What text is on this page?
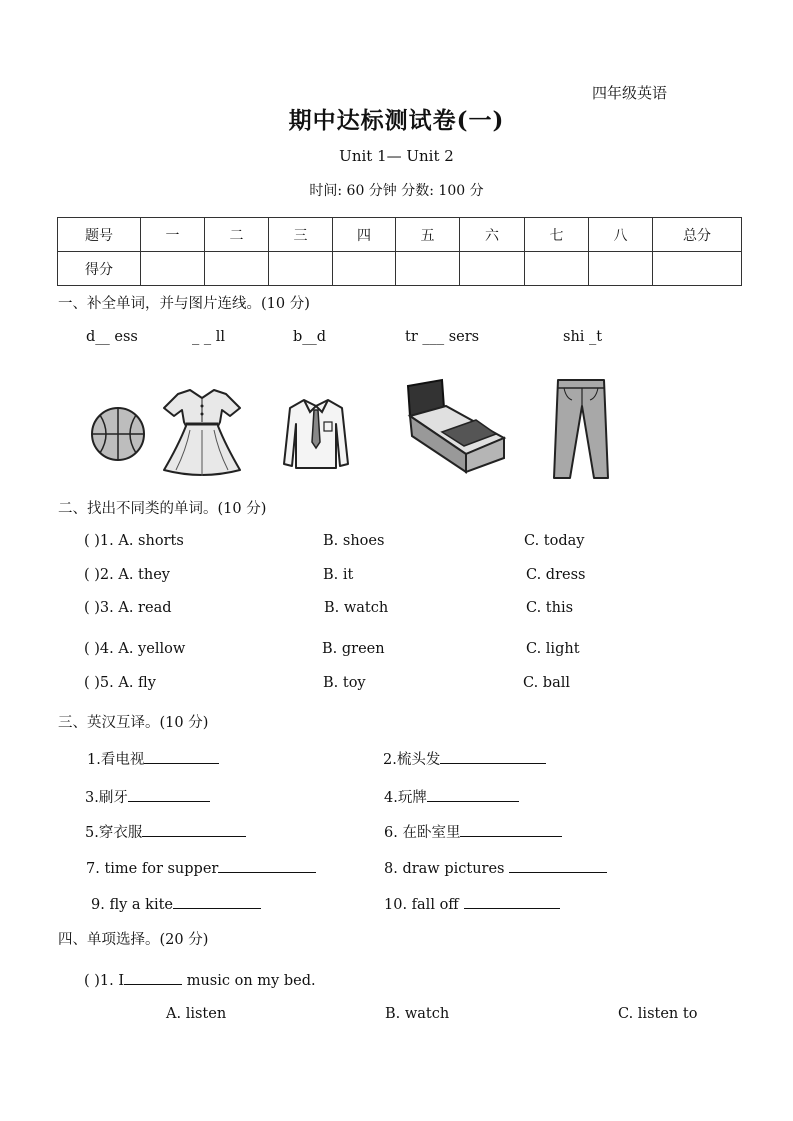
四年级英语
期中达标测试卷(一)
Unit 1— Unit 2
时间: 60 分钟 分数: 100 分
题号	一	二	三	四	五	六	七	八	总分
得分									
一、补全单词，并与图片连线。(10 分)
d__ ess	_ _ ll	b__d	tr ___ sers	shi _t
二、找出不同类的单词。(10 分)
( )1. A. shorts	B. shoes	C. today
( )2. A. they	B. it	C. dress
( )3. A. read	B. watch	C. this
( )4. A. yellow	B. green	C. light
( )5. A. fly	B. toy	C. ball
三、英汉互译。(10 分)
1.看电视	2.梳头发
3.刷牙	4.玩牌
5.穿衣服	6. 在卧室里
7. time for supper	8. draw pictures
9. fly a kite	10. fall off
四、单项选择。(20 分)
( )1. I	music on my bed.
A. listen	B. watch	C. listen to
